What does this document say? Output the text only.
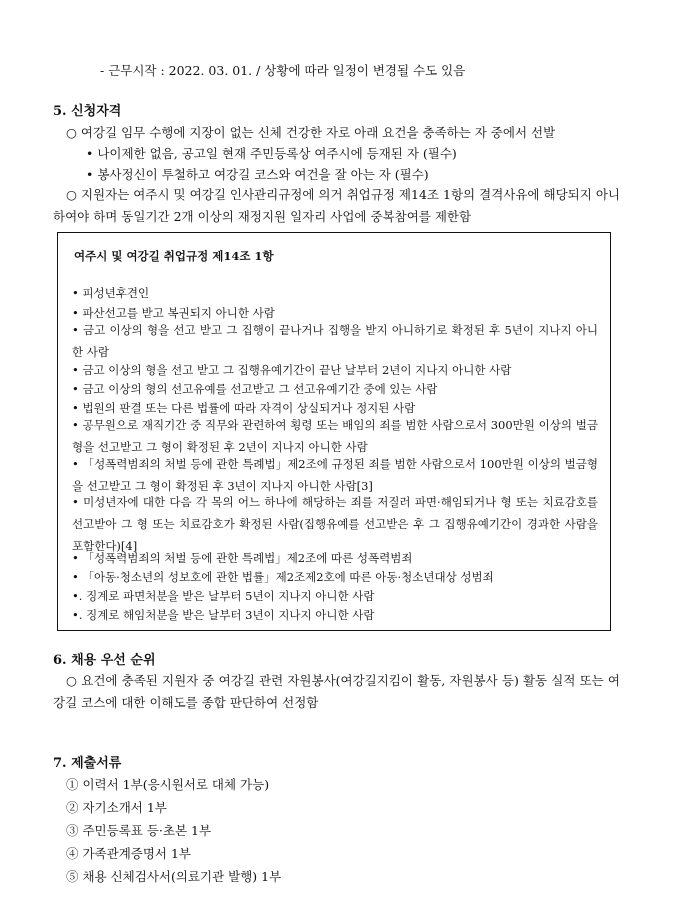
- 근무시작 : 2022. 03. 01. / 상황에 따라 일정이 변경될 수도 있음
5. 신청자격
○ 여강길 임무 수행에 지장이 없는 신체 건강한 자로 아래 요건을 충족하는 자 중에서 선발
• 나이제한 없음, 공고일 현재 주민등록상 여주시에 등재된 자 (필수)
• 봉사정신이 투철하고 여강길 코스와 여건을 잘 아는 자 (필수)
○ 지원자는 여주시 및 여강길 인사관리규정에 의거 취업규정 제14조 1항의 결격사유에 해당되지 아니하여야 하며 동일기간 2개 이상의 재정지원 일자리 사업에 중복참여를 제한함
여주시 및 여강길 취업규정 제14조 1항
• 피성년후견인
• 파산선고를 받고 복권되지 아니한 사람
• 금고 이상의 형을 선고 받고 그 집행이 끝나거나 집행을 받지 아니하기로 확정된 후 5년이 지나지 아니한 사람
• 금고 이상의 형을 선고 받고 그 집행유예기간이 끝난 날부터 2년이 지나지 아니한 사람
• 금고 이상의 형의 선고유예를 선고받고 그 선고유예기간 중에 있는 사람
• 법원의 판결 또는 다른 법률에 따라 자격이 상실되거나 정지된 사람
• 공무원으로 재직기간 중 직무와 관련하여 횡령 또는 배임의 죄를 범한 사람으로서 300만원 이상의 벌금형을 선고받고 그 형이 확정된 후 2년이 지나지 아니한 사람
• 「성폭력범죄의 처벌 등에 관한 특례법」제2조에 규정된 죄를 범한 사람으로서 100만원 이상의 벌금형을 선고받고 그 형이 확정된 후 3년이 지나지 아니한 사람[3]
• 미성년자에 대한 다음 각 목의 어느 하나에 해당하는 죄를 저질러 파면·해임되거나 형 또는 치료감호를 선고받아 그 형 또는 치료감호가 확정된 사람(집행유예를 선고받은 후 그 집행유예기간이 경과한 사람을 포함한다)[4]
• 「성폭력범죄의 처벌 등에 관한 특례법」제2조에 따른 성폭력범죄
• 「아동·청소년의 성보호에 관한 법률」제2조제2호에 따른 아동·청소년대상 성범죄
•. 징계로 파면처분을 받은 날부터 5년이 지나지 아니한 사람
•. 징계로 해임처분을 받은 날부터 3년이 지나지 아니한 사람
6. 채용 우선 순위
○ 요건에 충족된 지원자 중 여강길 관련 자원봉사(여강길지킴이 활동, 자원봉사 등) 활동 실적 또는 여강길 코스에 대한 이해도를 종합 판단하여 선정함
7. 제출서류
① 이력서 1부(응시원서로 대체 가능)
② 자기소개서 1부
③ 주민등록표 등·초본 1부
④ 가족관계증명서 1부
⑤ 채용 신체검사서(의료기관 발행) 1부
